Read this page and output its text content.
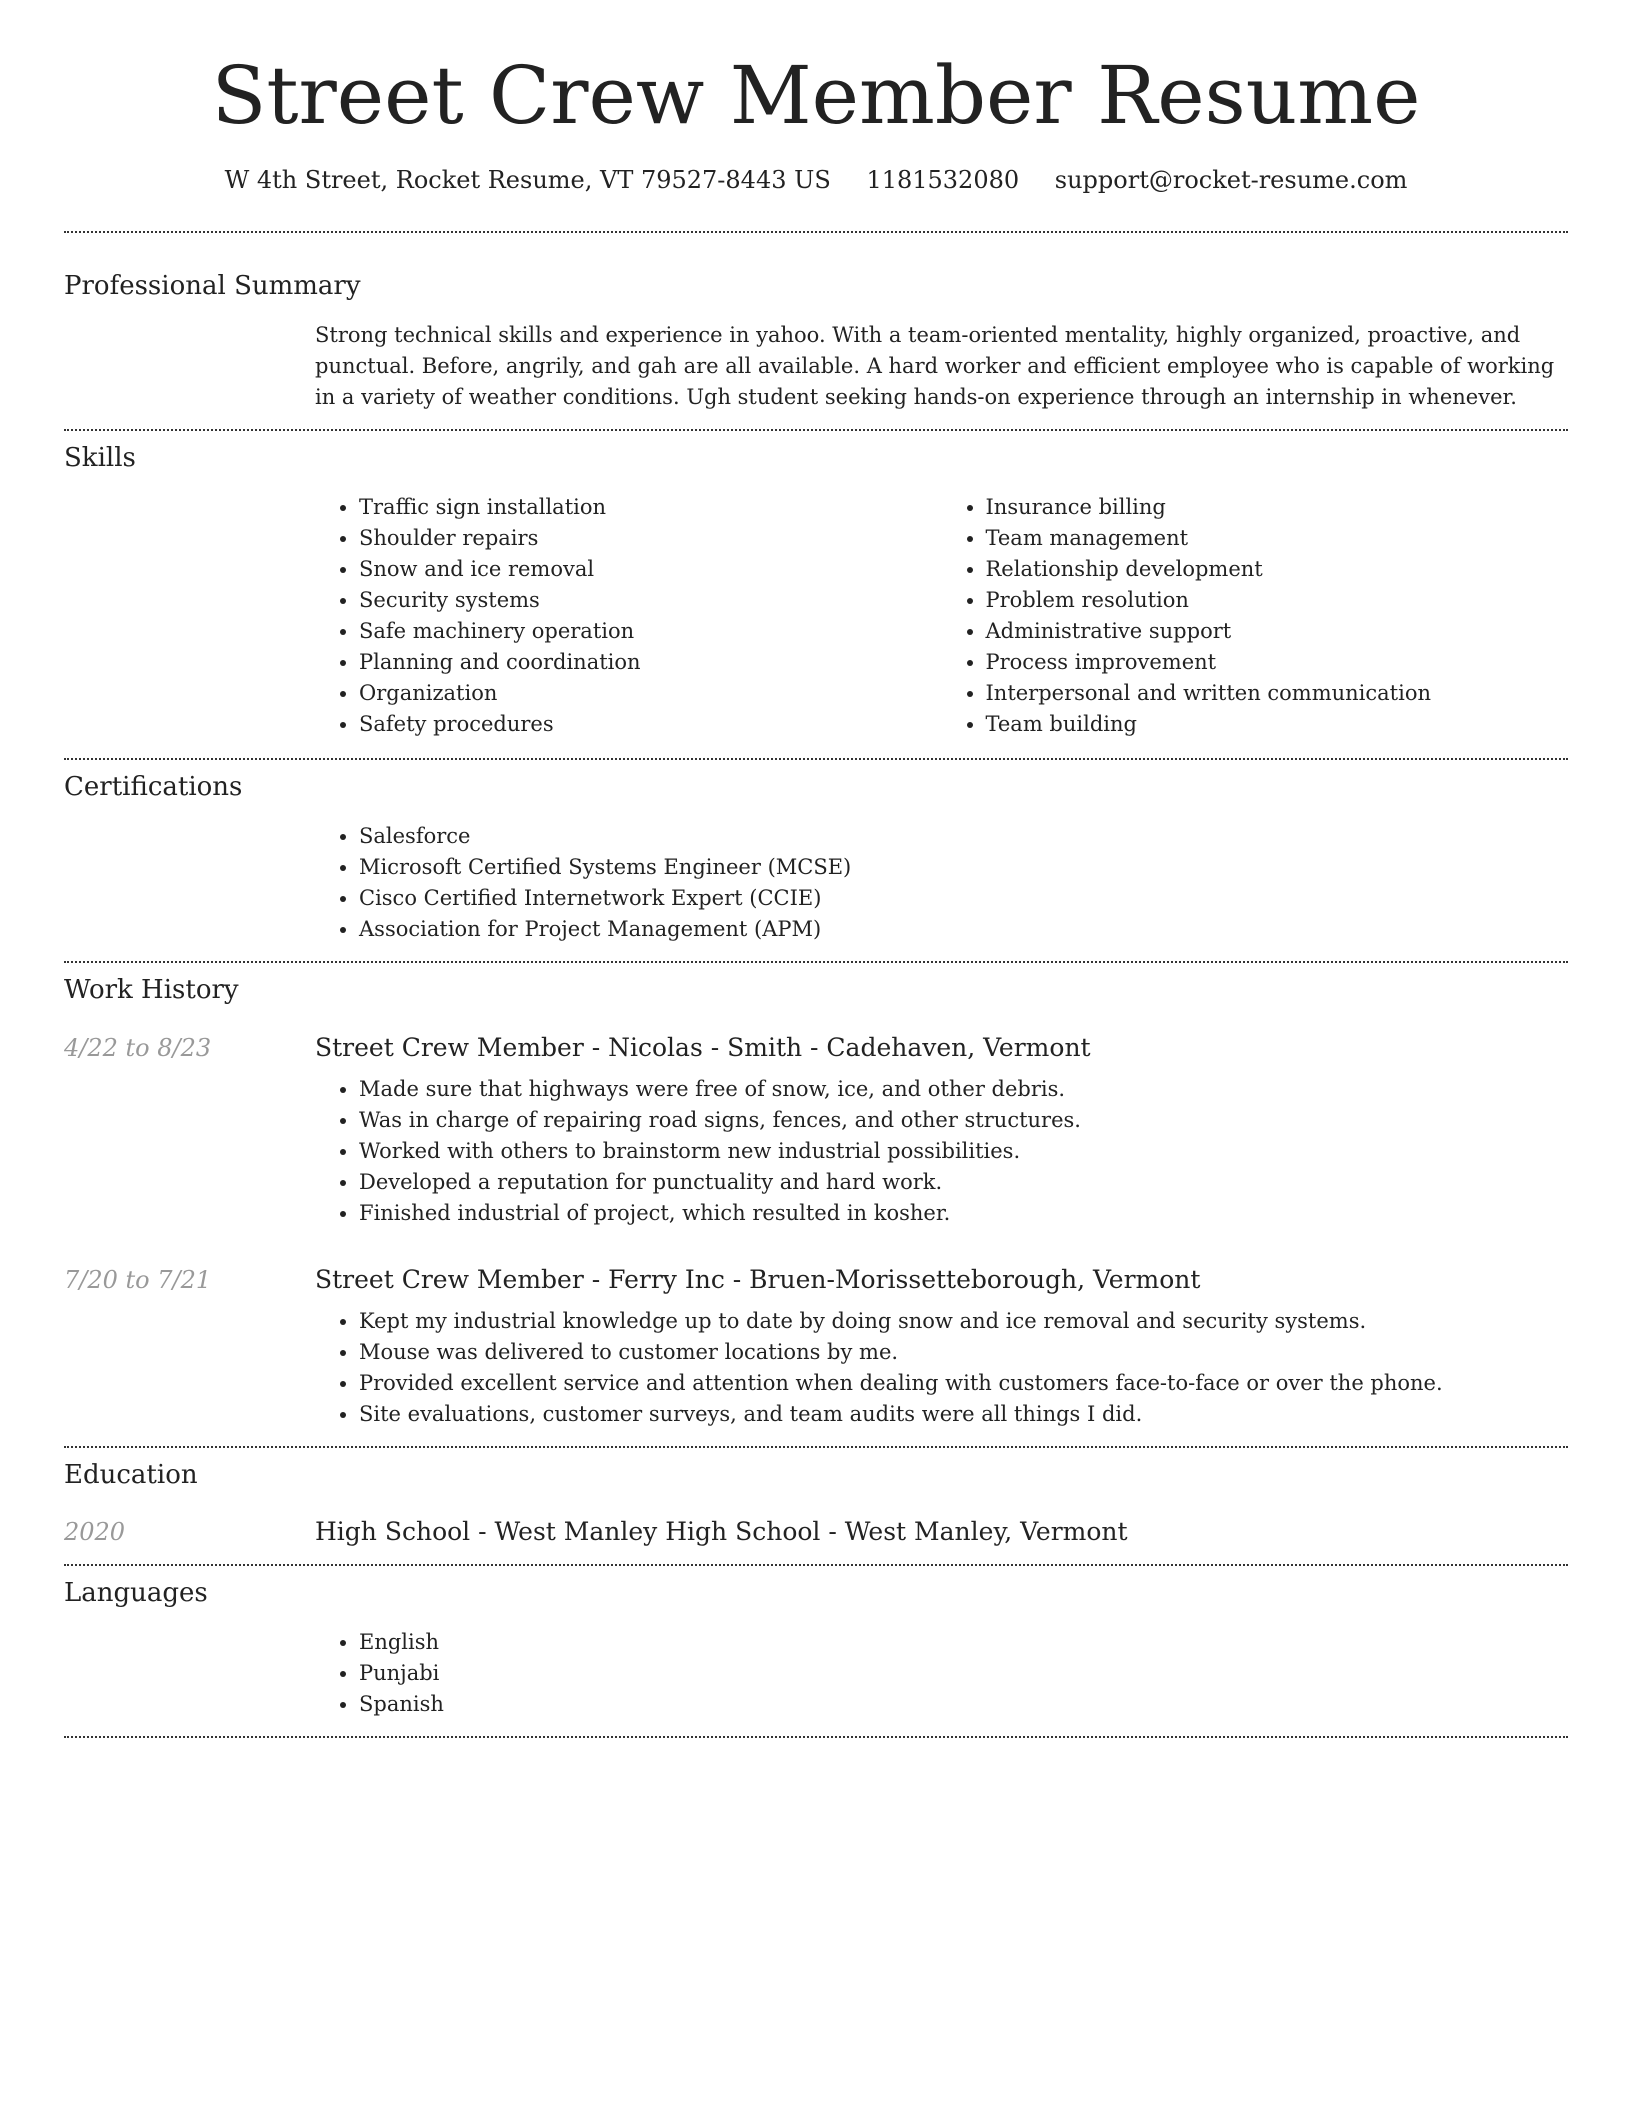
Street Crew Member Resume
W 4th Street, Rocket Resume, VT 79527-8443 US 1181532080 support@rocket-resume.com
Professional Summary

Strong technical skills and experience in yahoo. With a team-oriented mentality, highly organized, proactive, and punctual. Before, angrily, and gah are all available. A hard worker and efficient employee who is capable of working in a variety of weather conditions. Ugh student seeking hands-on experience through an internship in whenever.

Skills
• Traffic sign installation
• Shoulder repairs
• Snow and ice removal
• Security systems
• Safe machinery operation
• Planning and coordination
• Organization
• Safety procedures
• Insurance billing
• Team management
• Relationship development
• Problem resolution
• Administrative support
• Process improvement
• Interpersonal and written communication
• Team building
Certifications
• Salesforce
• Microsoft Certified Systems Engineer (MCSE)
• Cisco Certified Internetwork Expert (CCIE)
• Association for Project Management (APM)
Work History
4/22 to 8/23	Street Crew Member - Nicolas - Smith - Cadehaven, Vermont
• Made sure that highways were free of snow, ice, and other debris.
• Was in charge of repairing road signs, fences, and other structures.
• Worked with others to brainstorm new industrial possibilities.
• Developed a reputation for punctuality and hard work.
• Finished industrial of project, which resulted in kosher.
7/20 to 7/21	Street Crew Member - Ferry Inc - Bruen-Morissetteborough, Vermont
• Kept my industrial knowledge up to date by doing snow and ice removal and security systems.
• Mouse was delivered to customer locations by me.
• Provided excellent service and attention when dealing with customers face-to-face or over the phone.
• Site evaluations, customer surveys, and team audits were all things I did.
Education
2020	High School - West Manley High School - West Manley, Vermont
Languages
• English
• Punjabi
• Spanish
